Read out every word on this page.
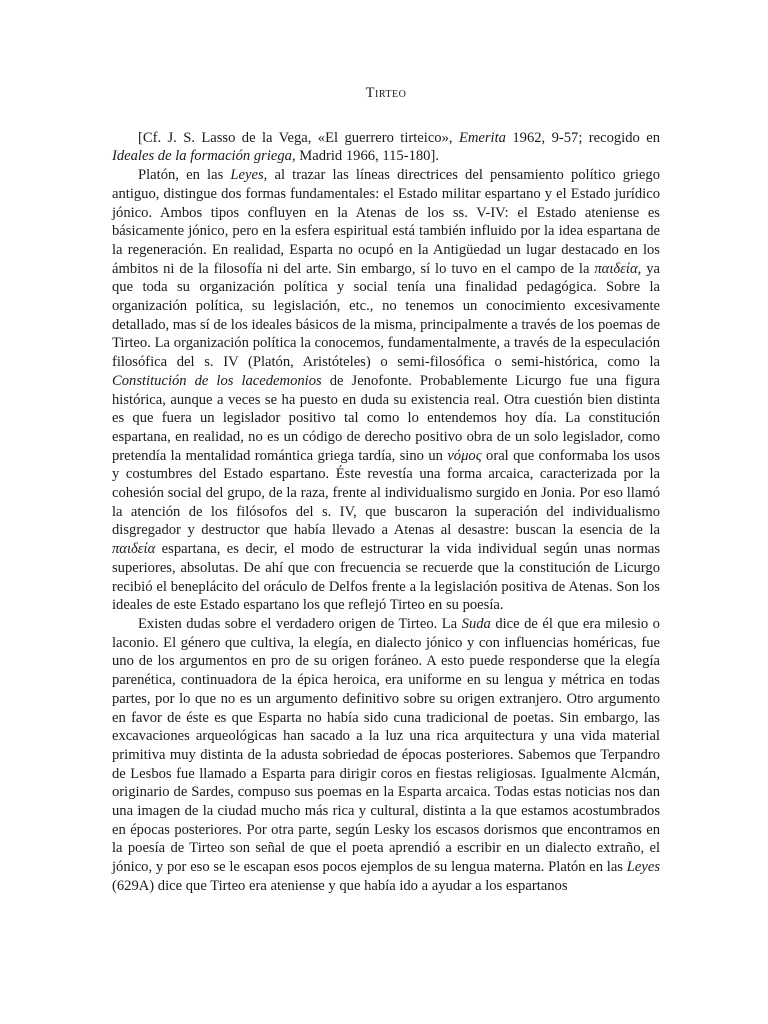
Tirteo

[Cf. J. S. Lasso de la Vega, «El guerrero tirteico», Emerita 1962, 9-57; recogido en Ideales de la formación griega, Madrid 1966, 115-180].

Platón, en las Leyes, al trazar las líneas directrices del pensamiento político griego antiguo, distingue dos formas fundamentales: el Estado militar espartano y el Estado jurídico jónico. Ambos tipos confluyen en la Atenas de los ss. V-IV: el Estado ateniense es básicamente jónico, pero en la esfera espiritual está también influido por la idea espartana de la regeneración. En realidad, Esparta no ocupó en la Antigüedad un lugar destacado en los ámbitos ni de la filosofía ni del arte. Sin embargo, sí lo tuvo en el campo de la παιδεία, ya que toda su organización política y social tenía una finalidad pedagógica. Sobre la organización política, su legislación, etc., no tenemos un conocimiento excesivamente detallado, mas sí de los ideales básicos de la misma, principalmente a través de los poemas de Tirteo. La organización política la conocemos, fundamentalmente, a través de la especulación filosófica del s. IV (Platón, Aristóteles) o semi-filosófica o semi-histórica, como la Constitución de los lacedemonios de Jenofonte. Probablemente Licurgo fue una figura histórica, aunque a veces se ha puesto en duda su existencia real. Otra cuestión bien distinta es que fuera un legislador positivo tal como lo entendemos hoy día. La constitución espartana, en realidad, no es un código de derecho positivo obra de un solo legislador, como pretendía la mentalidad romántica griega tardía, sino un νόμος oral que conformaba los usos y costumbres del Estado espartano. Éste revestía una forma arcaica, caracterizada por la cohesión social del grupo, de la raza, frente al individualismo surgido en Jonia. Por eso llamó la atención de los filósofos del s. IV, que buscaron la superación del individualismo disgregador y destructor que había llevado a Atenas al desastre: buscan la esencia de la παιδεία espartana, es decir, el modo de estructurar la vida individual según unas normas superiores, absolutas. De ahí que con frecuencia se recuerde que la constitución de Licurgo recibió el beneplácito del oráculo de Delfos frente a la legislación positiva de Atenas. Son los ideales de este Estado espartano los que reflejó Tirteo en su poesía.

Existen dudas sobre el verdadero origen de Tirteo. La Suda dice de él que era milesio o laconio. El género que cultiva, la elegía, en dialecto jónico y con influencias homéricas, fue uno de los argumentos en pro de su origen foráneo. A esto puede responderse que la elegía parenética, continuadora de la épica heroica, era uniforme en su lengua y métrica en todas partes, por lo que no es un argumento definitivo sobre su origen extranjero. Otro argumento en favor de éste es que Esparta no había sido cuna tradicional de poetas. Sin embargo, las excavaciones arqueológicas han sacado a la luz una rica arquitectura y una vida material primitiva muy distinta de la adusta sobriedad de épocas posteriores. Sabemos que Terpandro de Lesbos fue llamado a Esparta para dirigir coros en fiestas religiosas. Igualmente Alcmán, originario de Sardes, compuso sus poemas en la Esparta arcaica. Todas estas noticias nos dan una imagen de la ciudad mucho más rica y cultural, distinta a la que estamos acostumbrados en épocas posteriores. Por otra parte, según Lesky los escasos dorismos que encontramos en la poesía de Tirteo son señal de que el poeta aprendió a escribir en un dialecto extraño, el jónico, y por eso se le escapan esos pocos ejemplos de su lengua materna. Platón en las Leyes (629A) dice que Tirteo era ateniense y que había ido a ayudar a los espartanos
